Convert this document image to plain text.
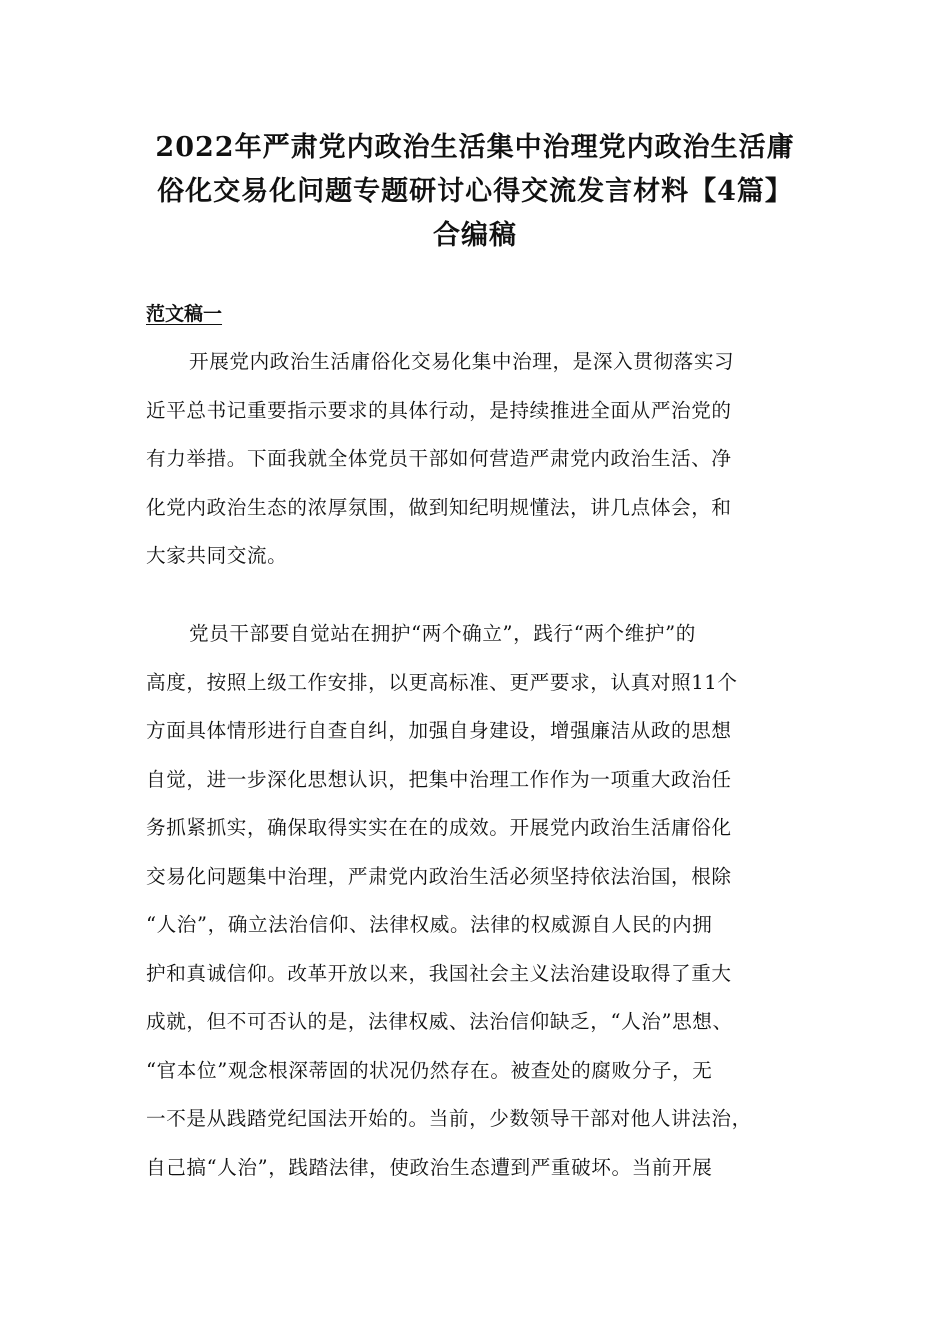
2022年严肃党内政治生活集中治理党内政治生活庸
俗化交易化问题专题研讨心得交流发言材料【4篇】
合编稿
范文稿一
开展党内政治生活庸俗化交易化集中治理，是深入贯彻落实习
近平总书记重要指示要求的具体行动，是持续推进全面从严治党的
有力举措。下面我就全体党员干部如何营造严肃党内政治生活、净
化党内政治生态的浓厚氛围，做到知纪明规懂法，讲几点体会，和
大家共同交流。
党员干部要自觉站在拥护“两个确立”，践行“两个维护”的
高度，按照上级工作安排，以更高标准、更严要求，认真对照11个
方面具体情形进行自查自纠，加强自身建设，增强廉洁从政的思想
自觉，进一步深化思想认识，把集中治理工作作为一项重大政治任
务抓紧抓实，确保取得实实在在的成效。开展党内政治生活庸俗化
交易化问题集中治理，严肃党内政治生活必须坚持依法治国，根除
“人治”，确立法治信仰、法律权威。法律的权威源自人民的内拥
护和真诚信仰。改革开放以来，我国社会主义法治建设取得了重大
成就，但不可否认的是，法律权威、法治信仰缺乏，“人治”思想、
“官本位”观念根深蒂固的状况仍然存在。被查处的腐败分子，无
一不是从践踏党纪国法开始的。当前，少数领导干部对他人讲法治，
自己搞“人治”，践踏法律，使政治生态遭到严重破坏。当前开展
